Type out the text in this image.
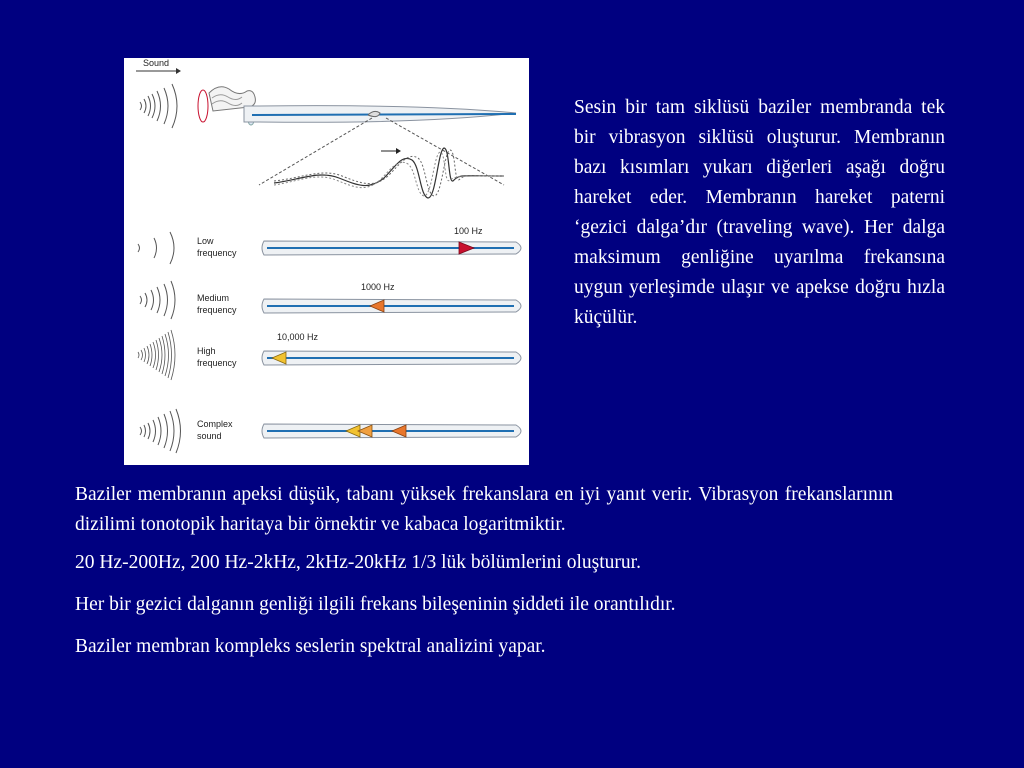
Sound
Low
frequency
100 Hz
Medium
frequency
1000 Hz
High
frequency
10,000 Hz
Complex
sound
Sesin bir tam siklüsü baziler membranda tek bir vibrasyon siklüsü oluşturur. Membranın bazı kısımları yukarı diğerleri aşağı doğru hareket eder. Membranın hareket paterni ‘gezici dalga’dır (traveling wave). Her dalga maksimum genliğine uyarılma frekansına uygun yerleşimde ulaşır ve apekse doğru hızla küçülür.

Baziler membranın apeksi düşük, tabanı yüksek frekanslara en iyi yanıt verir. Vibrasyon frekanslarının dizilimi tonotopik haritaya bir örnektir ve kabaca logaritmiktir.

20 Hz-200Hz, 200 Hz-2kHz, 2kHz-20kHz 1/3 lük bölümlerini oluşturur.

Her bir gezici dalganın genliği ilgili frekans bileşeninin şiddeti ile orantılıdır.

Baziler membran kompleks seslerin spektral analizini yapar.
